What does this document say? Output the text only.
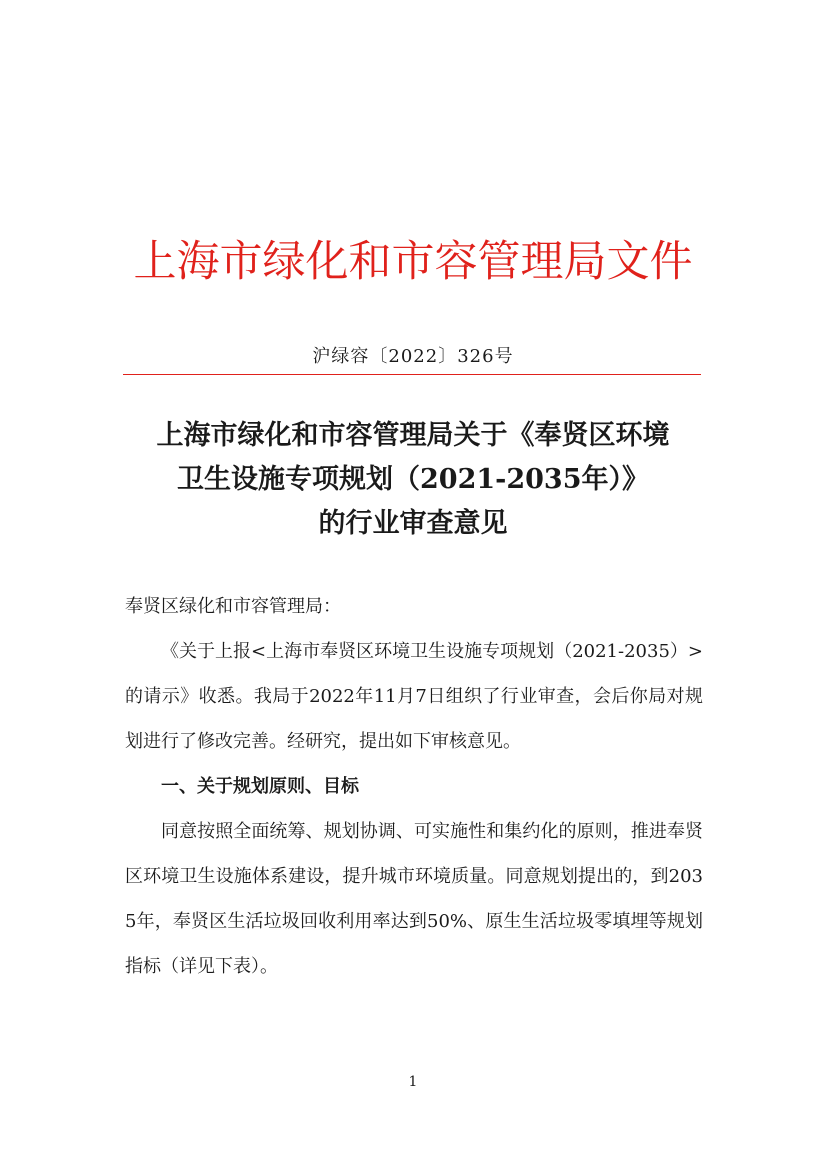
上海市绿化和市容管理局文件
沪绿容〔2022〕326号
上海市绿化和市容管理局关于《奉贤区环境
卫生设施专项规划（2021-2035年）》
的行业审查意见

奉贤区绿化和市容管理局：

《关于上报<上海市奉贤区环境卫生设施专项规划（2021-2035）>的请示》收悉。我局于2022年11月7日组织了行业审查，会后你局对规划进行了修改完善。经研究，提出如下审核意见。

一、关于规划原则、目标

同意按照全面统筹、规划协调、可实施性和集约化的原则，推进奉贤区环境卫生设施体系建设，提升城市环境质量。同意规划提出的，到2035年，奉贤区生活垃圾回收利用率达到50%、原生生活垃圾零填埋等规划指标（详见下表）。

1
